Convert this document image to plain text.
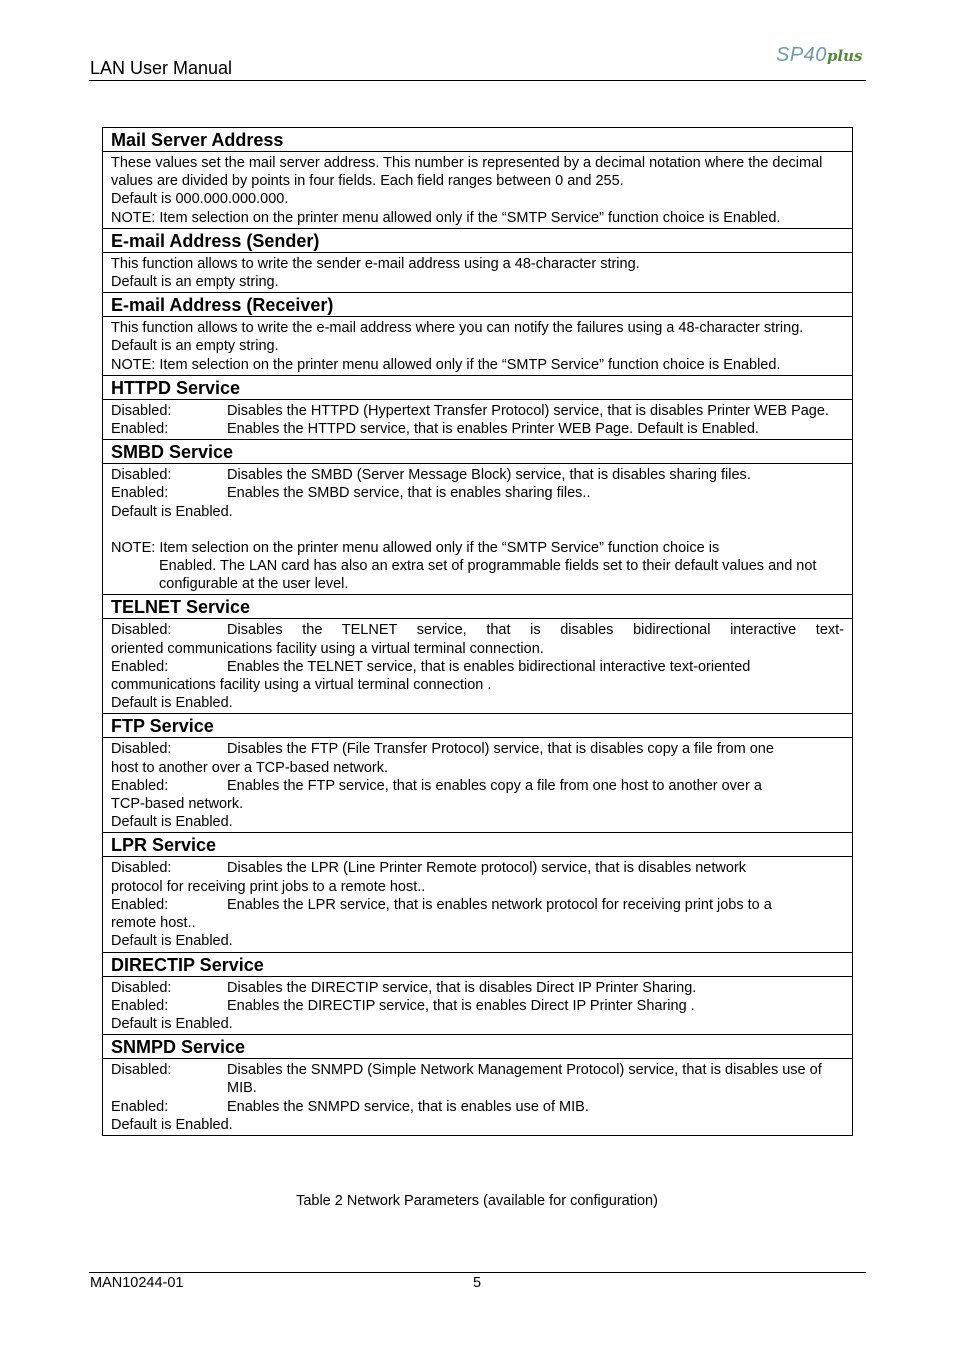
LAN User Manual
SP40plus
Mail Server Address

These values set the mail server address. This number is represented by a decimal notation where the decimal values are divided by points in four fields. Each field ranges between 0 and 255.
Default is 000.000.000.000.
NOTE: Item selection on the printer menu allowed only if the “SMTP Service” function choice is Enabled.

E-mail Address (Sender)

This function allows to write the sender e-mail address using a 48-character string.
Default is an empty string.

E-mail Address (Receiver)

This function allows to write the e-mail address where you can notify the failures using a 48-character string.
Default is an empty string.
NOTE: Item selection on the printer menu allowed only if the “SMTP Service” function choice is Enabled.

HTTPD Service

Disabled:	Disables the HTTPD (Hypertext Transfer Protocol) service, that is disables Printer WEB Page.
Enabled:	Enables the HTTPD service, that is enables Printer WEB Page. Default is Enabled.

SMBD Service

Disabled:	Disables the SMBD (Server Message Block) service, that is disables sharing files.
Enabled:	Enables the SMBD service, that is enables sharing files..
Default is Enabled.
NOTE: Item selection on the printer menu allowed only if the “SMTP Service” function choice is
Enabled. The LAN card has also an extra set of programmable fields set to their default values and not configurable at the user level.

TELNET Service

Disabled:	Disables the TELNET service, that is disables bidirectional interactive text-
oriented communications facility using a virtual terminal connection.
Enabled:	Enables the TELNET service, that is enables bidirectional interactive text-oriented
communications facility using a virtual terminal connection .
Default is Enabled.

FTP Service

Disabled:	Disables the FTP (File Transfer Protocol) service, that is disables copy a file from one
host to another over a TCP-based network.
Enabled:	Enables the FTP service, that is enables copy a file from one host to another over a
TCP-based network.
Default is Enabled.

LPR Service

Disabled:	Disables the LPR (Line Printer Remote protocol) service, that is disables network
protocol for receiving print jobs to a remote host..
Enabled:	Enables the LPR service, that is enables network protocol for receiving print jobs to a
remote host..
Default is Enabled.

DIRECTIP Service

Disabled:	Disables the DIRECTIP service, that is disables Direct IP Printer Sharing.
Enabled:	Enables the DIRECTIP service, that is enables Direct IP Printer Sharing .
Default is Enabled.

SNMPD Service

Disabled:	Disables the SNMPD (Simple Network Management Protocol) service, that is disables use of MIB.
Enabled:	Enables the SNMPD service, that is enables use of MIB.
Default is Enabled.
Table 2 Network Parameters (available for configuration)
MAN10244-01	5
